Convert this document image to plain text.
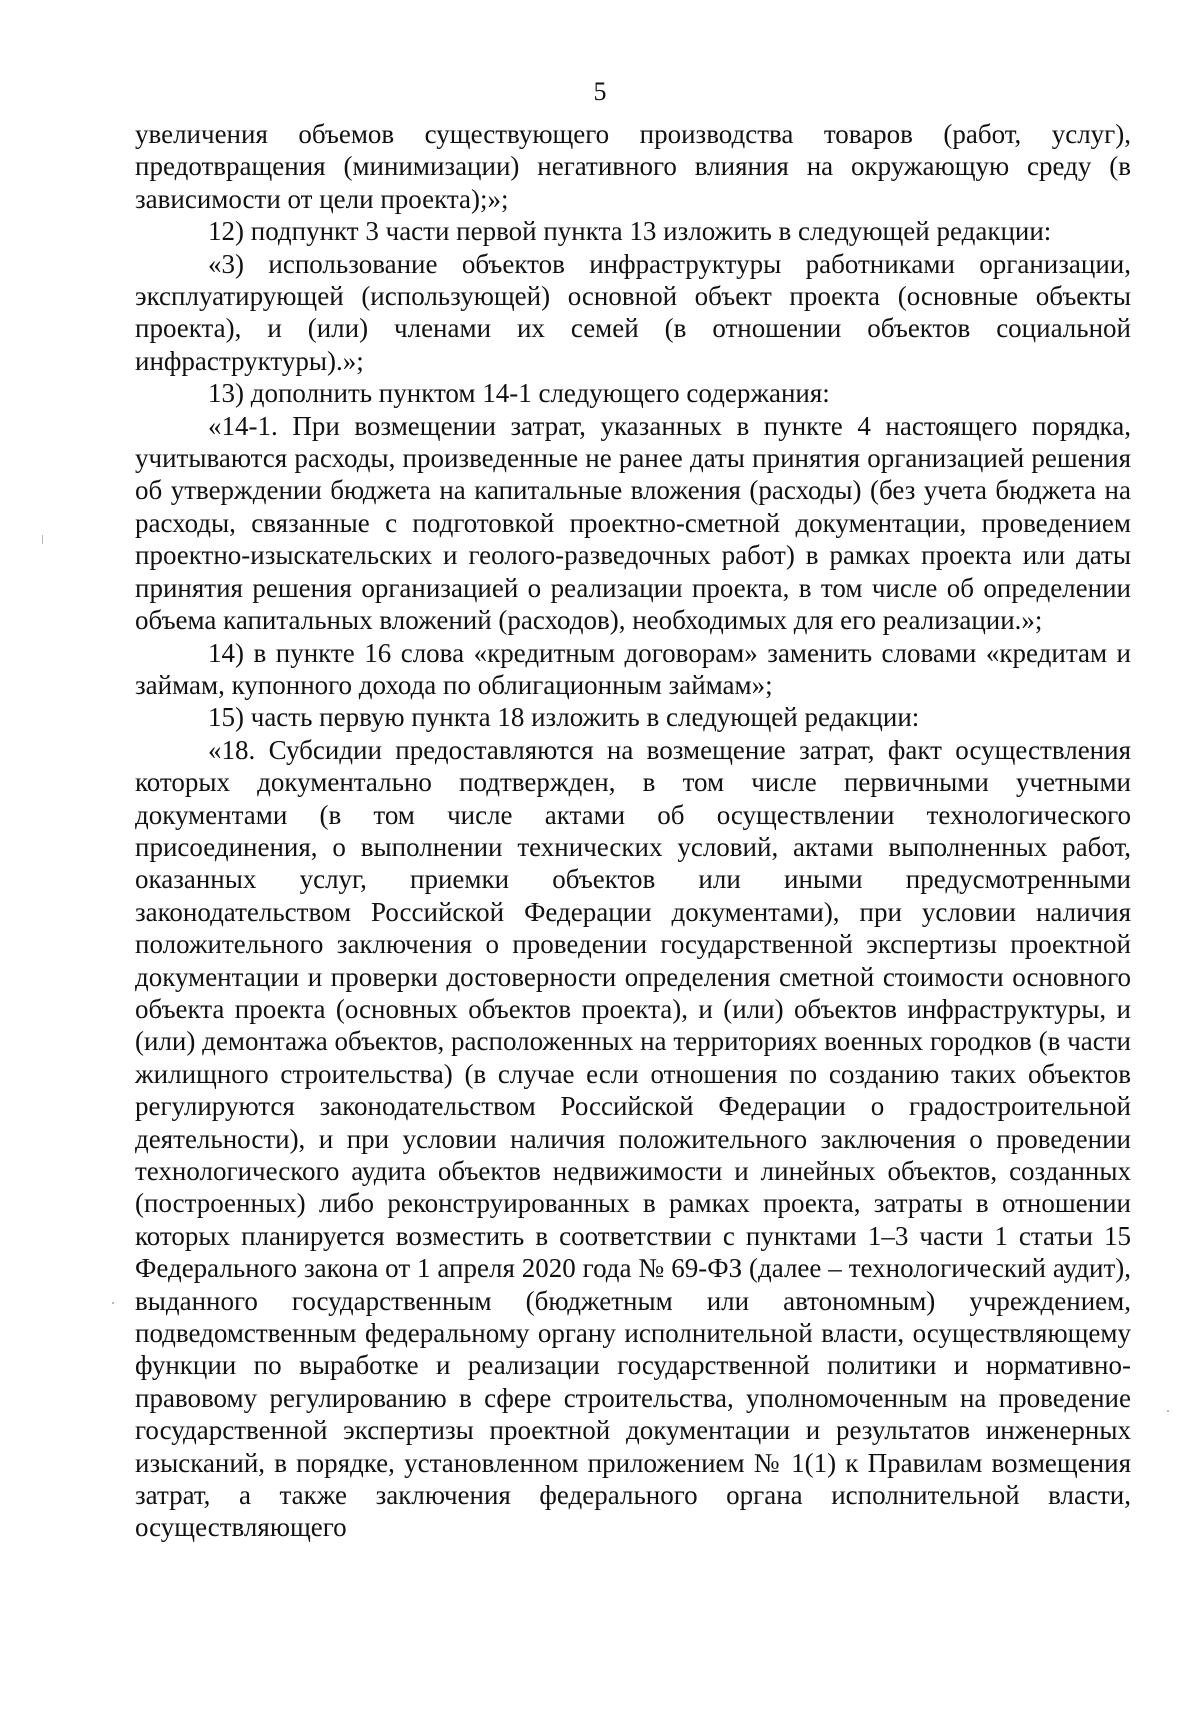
5

увеличения объемов существующего производства товаров (работ, услуг), предотвращения (минимизации) негативного влияния на окружающую среду (в зависимости от цели проекта);»;

12) подпункт 3 части первой пункта 13 изложить в следующей редакции:

«3) использование объектов инфраструктуры работниками организации, эксплуатирующей (использующей) основной объект проекта (основные объекты проекта), и (или) членами их семей (в отношении объектов социальной инфраструктуры).»;

13) дополнить пунктом 14-1 следующего содержания:

«14-1. При возмещении затрат, указанных в пункте 4 настоящего порядка, учитываются расходы, произведенные не ранее даты принятия организацией решения об утверждении бюджета на капитальные вложения (расходы) (без учета бюджета на расходы, связанные с подготовкой проектно-сметной документации, проведением проектно-изыскательских и геолого-разведочных работ) в рамках проекта или даты принятия решения организацией о реализации проекта, в том числе об определении объема капитальных вложений (расходов), необходимых для его реализации.»;

14) в пункте 16 слова «кредитным договорам» заменить словами «кредитам и займам, купонного дохода по облигационным займам»;

15) часть первую пункта 18 изложить в следующей редакции:

«18. Субсидии предоставляются на возмещение затрат, факт осуществления которых документально подтвержден, в том числе первичными учетными документами (в том числе актами об осуществлении технологического присоединения, о выполнении технических условий, актами выполненных работ, оказанных услуг, приемки объектов или иными предусмотренными законодательством Российской Федерации документами), при условии наличия положительного заключения о проведении государственной экспертизы проектной документации и проверки достоверности определения сметной стоимости основного объекта проекта (основных объектов проекта), и (или) объектов инфраструктуры, и (или) демонтажа объектов, расположенных на территориях военных городков (в части жилищного строительства) (в случае если отношения по созданию таких объектов регулируются законодательством Российской Федерации о градостроительной деятельности), и при условии наличия положительного заключения о проведении технологического аудита объектов недвижимости и линейных объектов, созданных (построенных) либо реконструированных в рамках проекта, затраты в отношении которых планируется возместить в соответствии с пунктами 1–3 части 1 статьи 15 Федерального закона от 1 апреля 2020 года № 69-ФЗ (далее – технологический аудит), выданного государственным (бюджетным или автономным) учреждением, подведомственным федеральному органу исполнительной власти, осуществляющему функции по выработке и реализации государственной политики и нормативно-правовому регулированию в сфере строительства, уполномоченным на проведение государственной экспертизы проектной документации и результатов инженерных изысканий, в порядке, установленном приложением № 1(1) к Правилам возмещения затрат, а также заключения федерального органа исполнительной власти, осуществляющего
